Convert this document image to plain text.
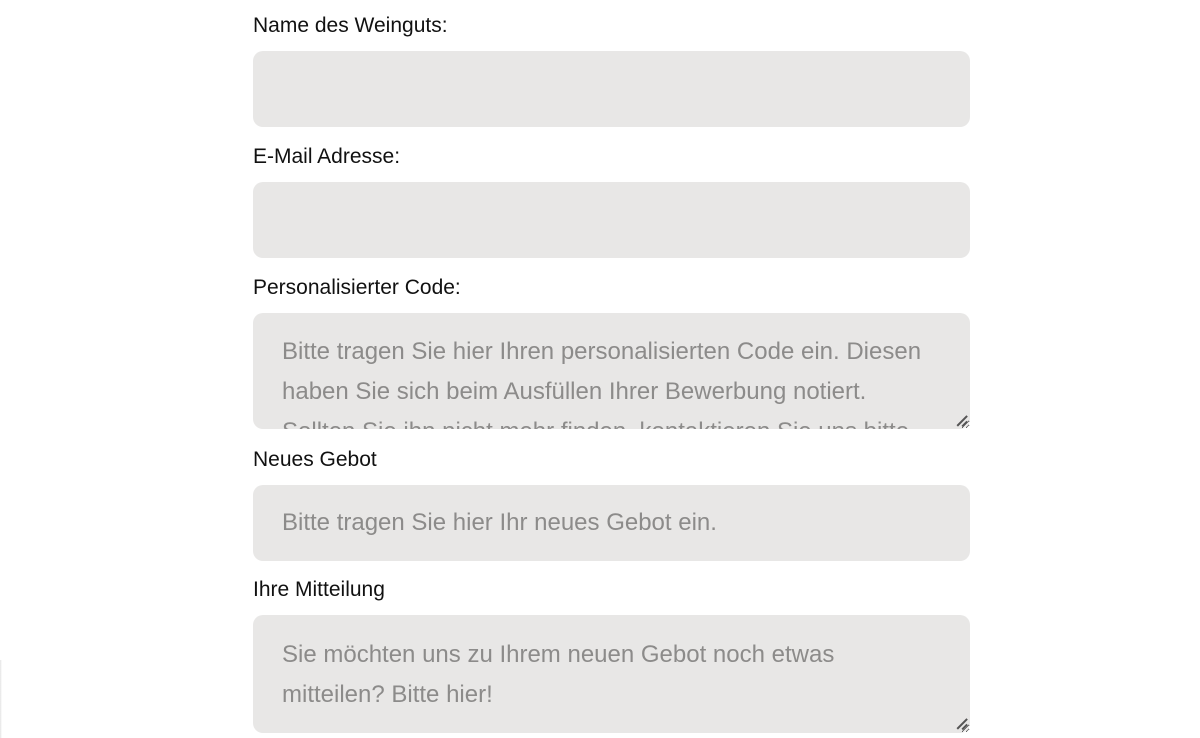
Name des Weinguts:
E-Mail Adresse:
Personalisierter Code:
Bitte tragen Sie hier Ihren personalisierten Code ein. Diesen haben Sie sich beim Ausfüllen Ihrer Bewerbung notiert. Sollten Sie ihn nicht mehr finden, kontaktieren Sie uns bitte.
Neues Gebot
Bitte tragen Sie hier Ihr neues Gebot ein.
Ihre Mitteilung
Sie möchten uns zu Ihrem neuen Gebot noch etwas mitteilen? Bitte hier!
